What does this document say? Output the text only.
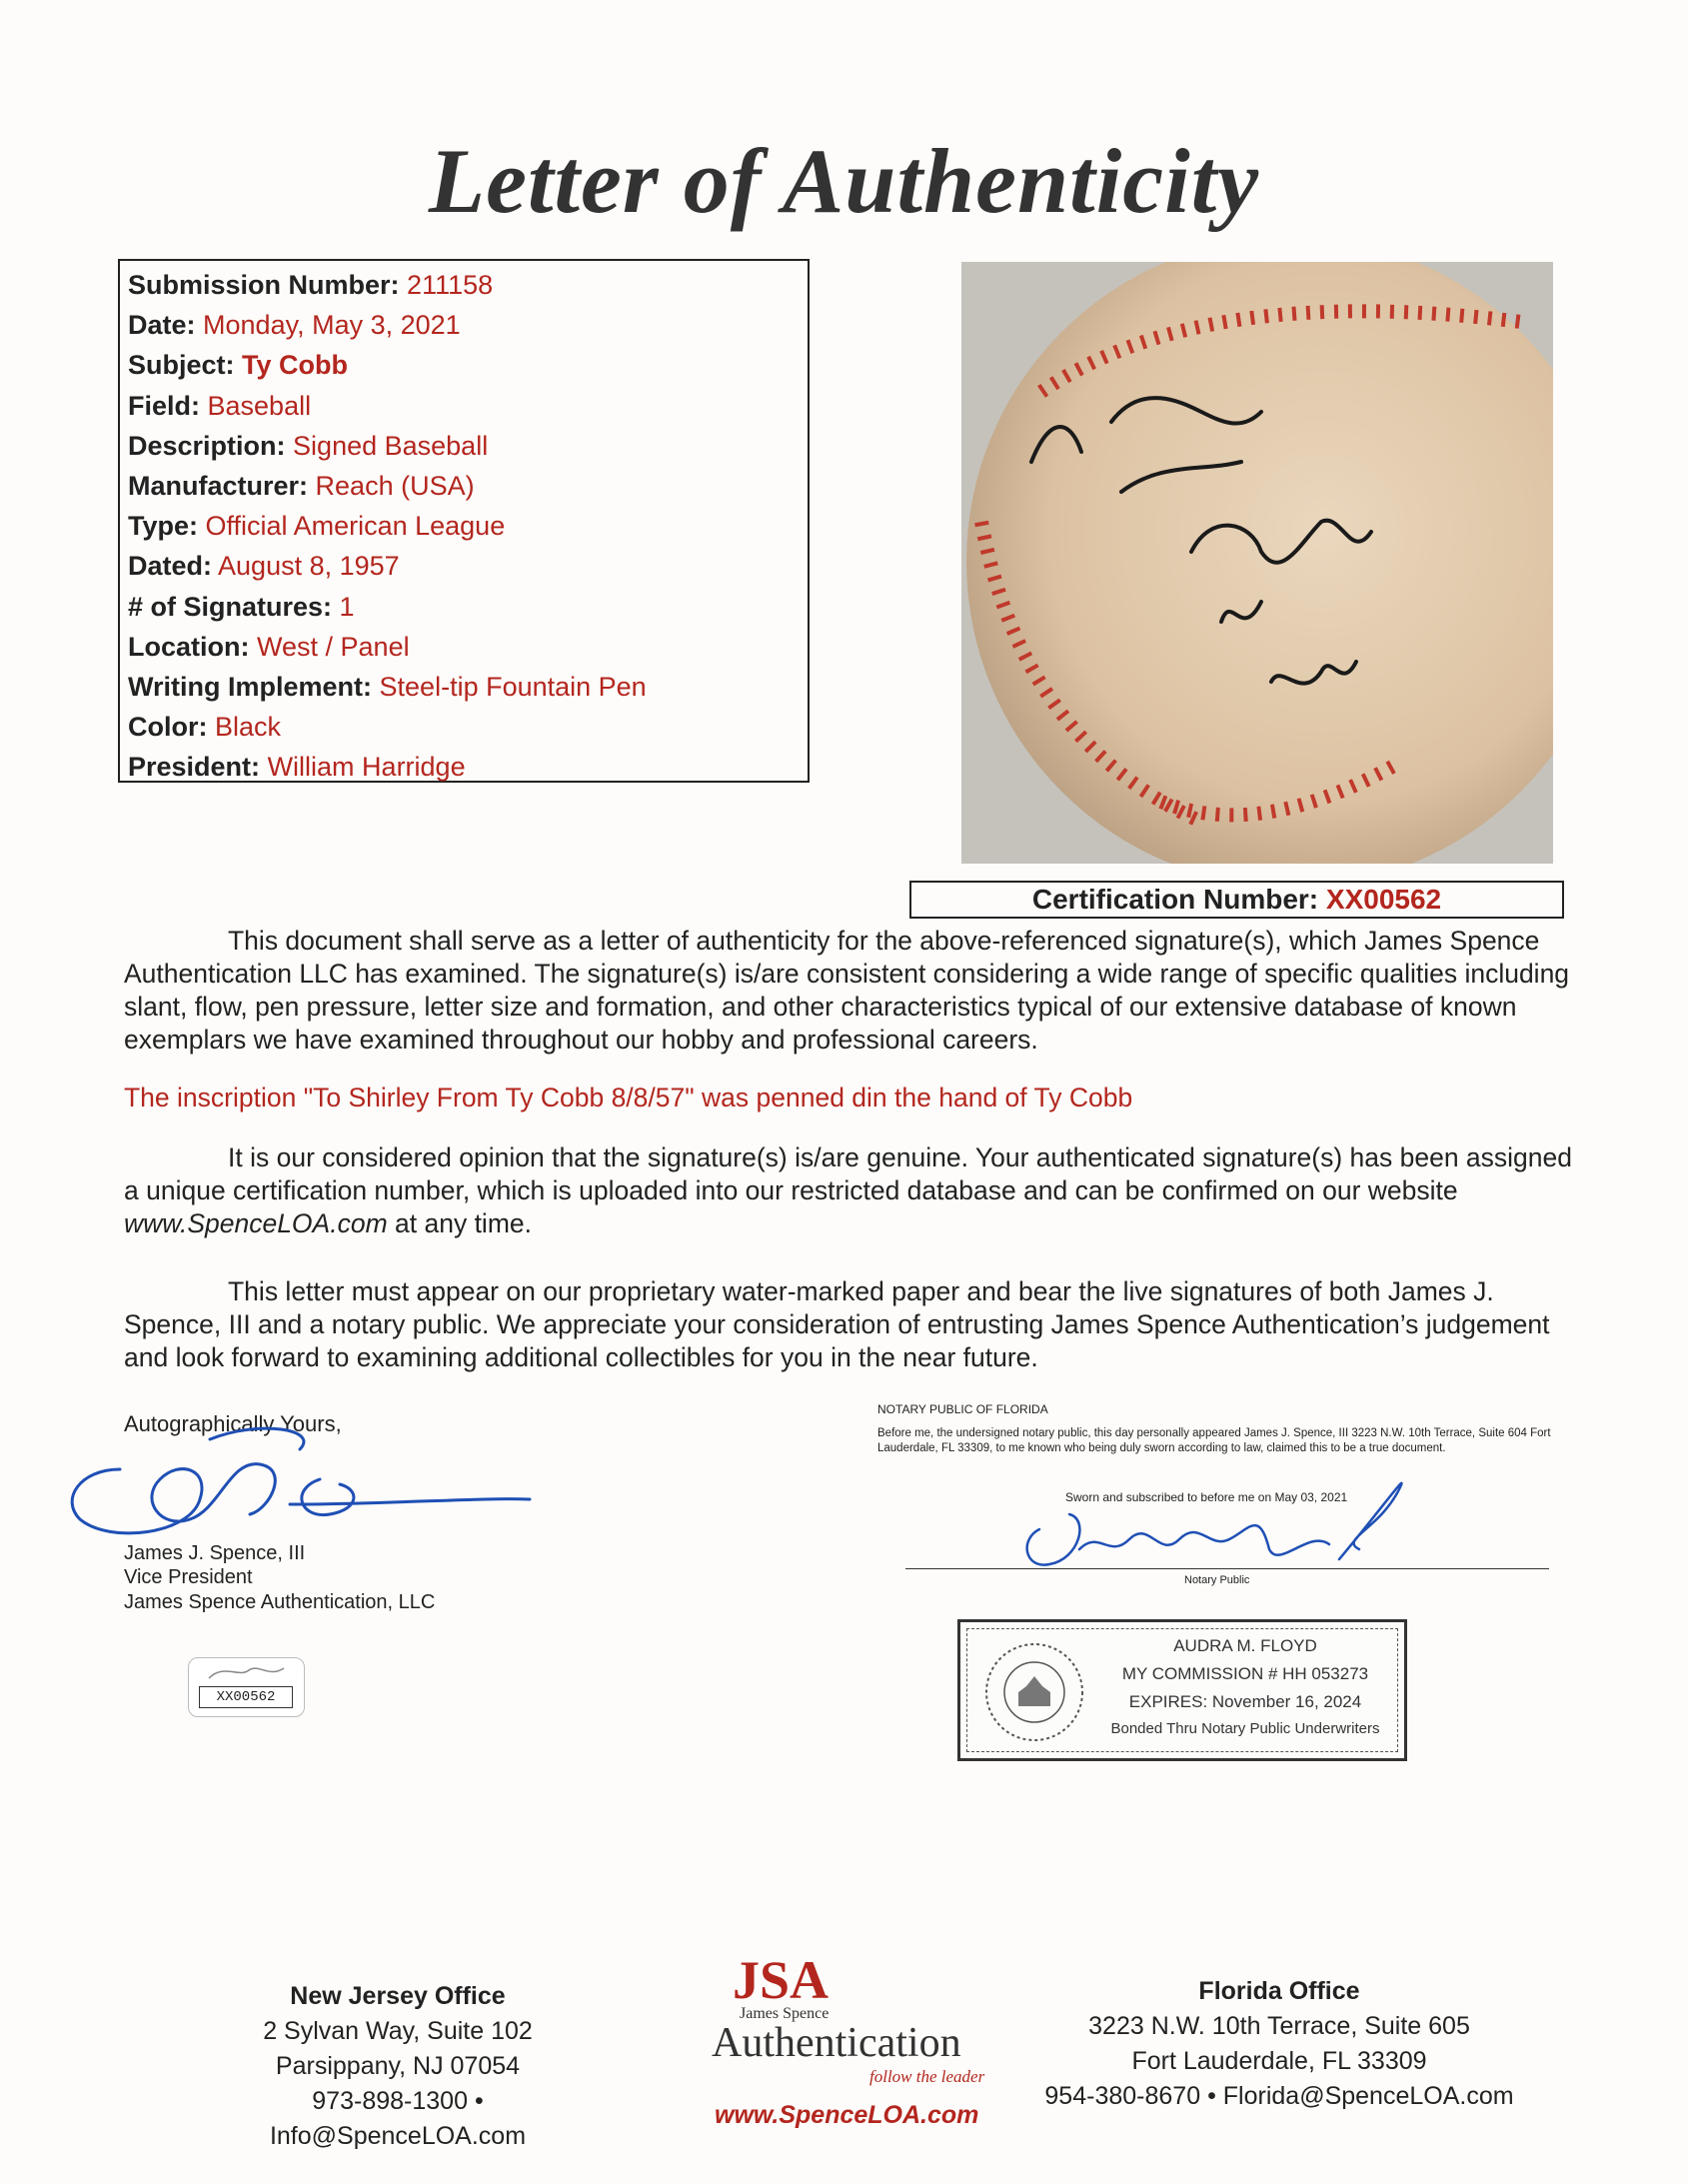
Letter of Authenticity
Submission Number: 211158
Date: Monday, May 3, 2021
Subject: Ty Cobb
Field: Baseball
Description: Signed Baseball
Manufacturer: Reach (USA)
Type: Official American League
Dated: August 8, 1957
# of Signatures: 1
Location: West / Panel
Writing Implement: Steel-tip Fountain Pen
Color: Black
President: William Harridge
Certification Number: XX00562
This document shall serve as a letter of authenticity for the above-referenced signature(s), which James Spence Authentication LLC has examined. The signature(s) is/are consistent considering a wide range of specific qualities including slant, flow, pen pressure, letter size and formation, and other characteristics typical of our extensive database of known exemplars we have examined throughout our hobby and professional careers.
The inscription "To Shirley From Ty Cobb 8/8/57" was penned din the hand of Ty Cobb
It is our considered opinion that the signature(s) is/are genuine. Your authenticated signature(s) has been assigned a unique certification number, which is uploaded into our restricted database and can be confirmed on our website www.SpenceLOA.com at any time.
This letter must appear on our proprietary water-marked paper and bear the live signatures of both James J. Spence, III and a notary public. We appreciate your consideration of entrusting James Spence Authentication’s judgement and look forward to examining additional collectibles for you in the near future.
Autographically Yours,
James J. Spence, III
Vice President
James Spence Authentication, LLC
XX00562
NOTARY PUBLIC OF FLORIDA
Before me, the undersigned notary public, this day personally appeared James J. Spence, III 3223 N.W. 10th Terrace, Suite 604 Fort Lauderdale, FL 33309, to me known who being duly sworn according to law, claimed this to be a true document.
Sworn and subscribed to before me on May 03, 2021
Notary Public
AUDRA M. FLOYD
MY COMMISSION # HH 053273
EXPIRES: November 16, 2024
Bonded Thru Notary Public Underwriters
New Jersey Office
2 Sylvan Way, Suite 102
Parsippany, NJ 07054
973-898-1300 • Info@SpenceLOA.com
JSA
James Spence
Authentication
follow the leader
www.SpenceLOA.com
Florida Office
3223 N.W. 10th Terrace, Suite 605
Fort Lauderdale, FL 33309
954-380-8670 • Florida@SpenceLOA.com
